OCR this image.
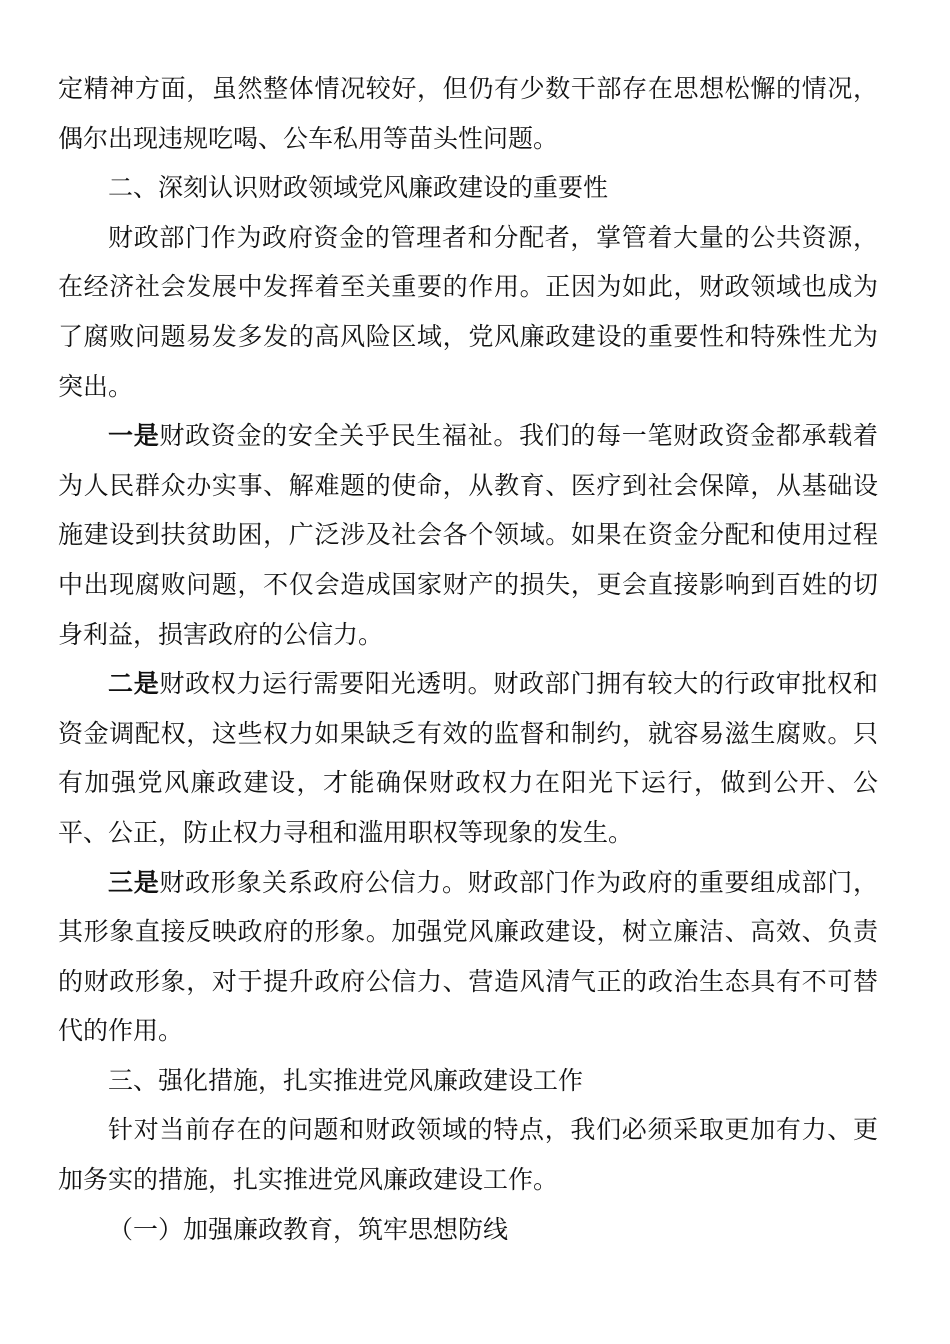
定精神方面，虽然整体情况较好，但仍有少数干部存在思想松懈的情况，偶尔出现违规吃喝、公车私用等苗头性问题。

二、深刻认识财政领域党风廉政建设的重要性

财政部门作为政府资金的管理者和分配者，掌管着大量的公共资源，在经济社会发展中发挥着至关重要的作用。正因为如此，财政领域也成为了腐败问题易发多发的高风险区域，党风廉政建设的重要性和特殊性尤为突出。

一是财政资金的安全关乎民生福祉。我们的每一笔财政资金都承载着为人民群众办实事、解难题的使命，从教育、医疗到社会保障，从基础设施建设到扶贫助困，广泛涉及社会各个领域。如果在资金分配和使用过程中出现腐败问题，不仅会造成国家财产的损失，更会直接影响到百姓的切身利益，损害政府的公信力。

二是财政权力运行需要阳光透明。财政部门拥有较大的行政审批权和资金调配权，这些权力如果缺乏有效的监督和制约，就容易滋生腐败。只有加强党风廉政建设，才能确保财政权力在阳光下运行，做到公开、公平、公正，防止权力寻租和滥用职权等现象的发生。

三是财政形象关系政府公信力。财政部门作为政府的重要组成部门，其形象直接反映政府的形象。加强党风廉政建设，树立廉洁、高效、负责的财政形象，对于提升政府公信力、营造风清气正的政治生态具有不可替代的作用。

三、强化措施，扎实推进党风廉政建设工作

针对当前存在的问题和财政领域的特点，我们必须采取更加有力、更加务实的措施，扎实推进党风廉政建设工作。

（一）加强廉政教育，筑牢思想防线
